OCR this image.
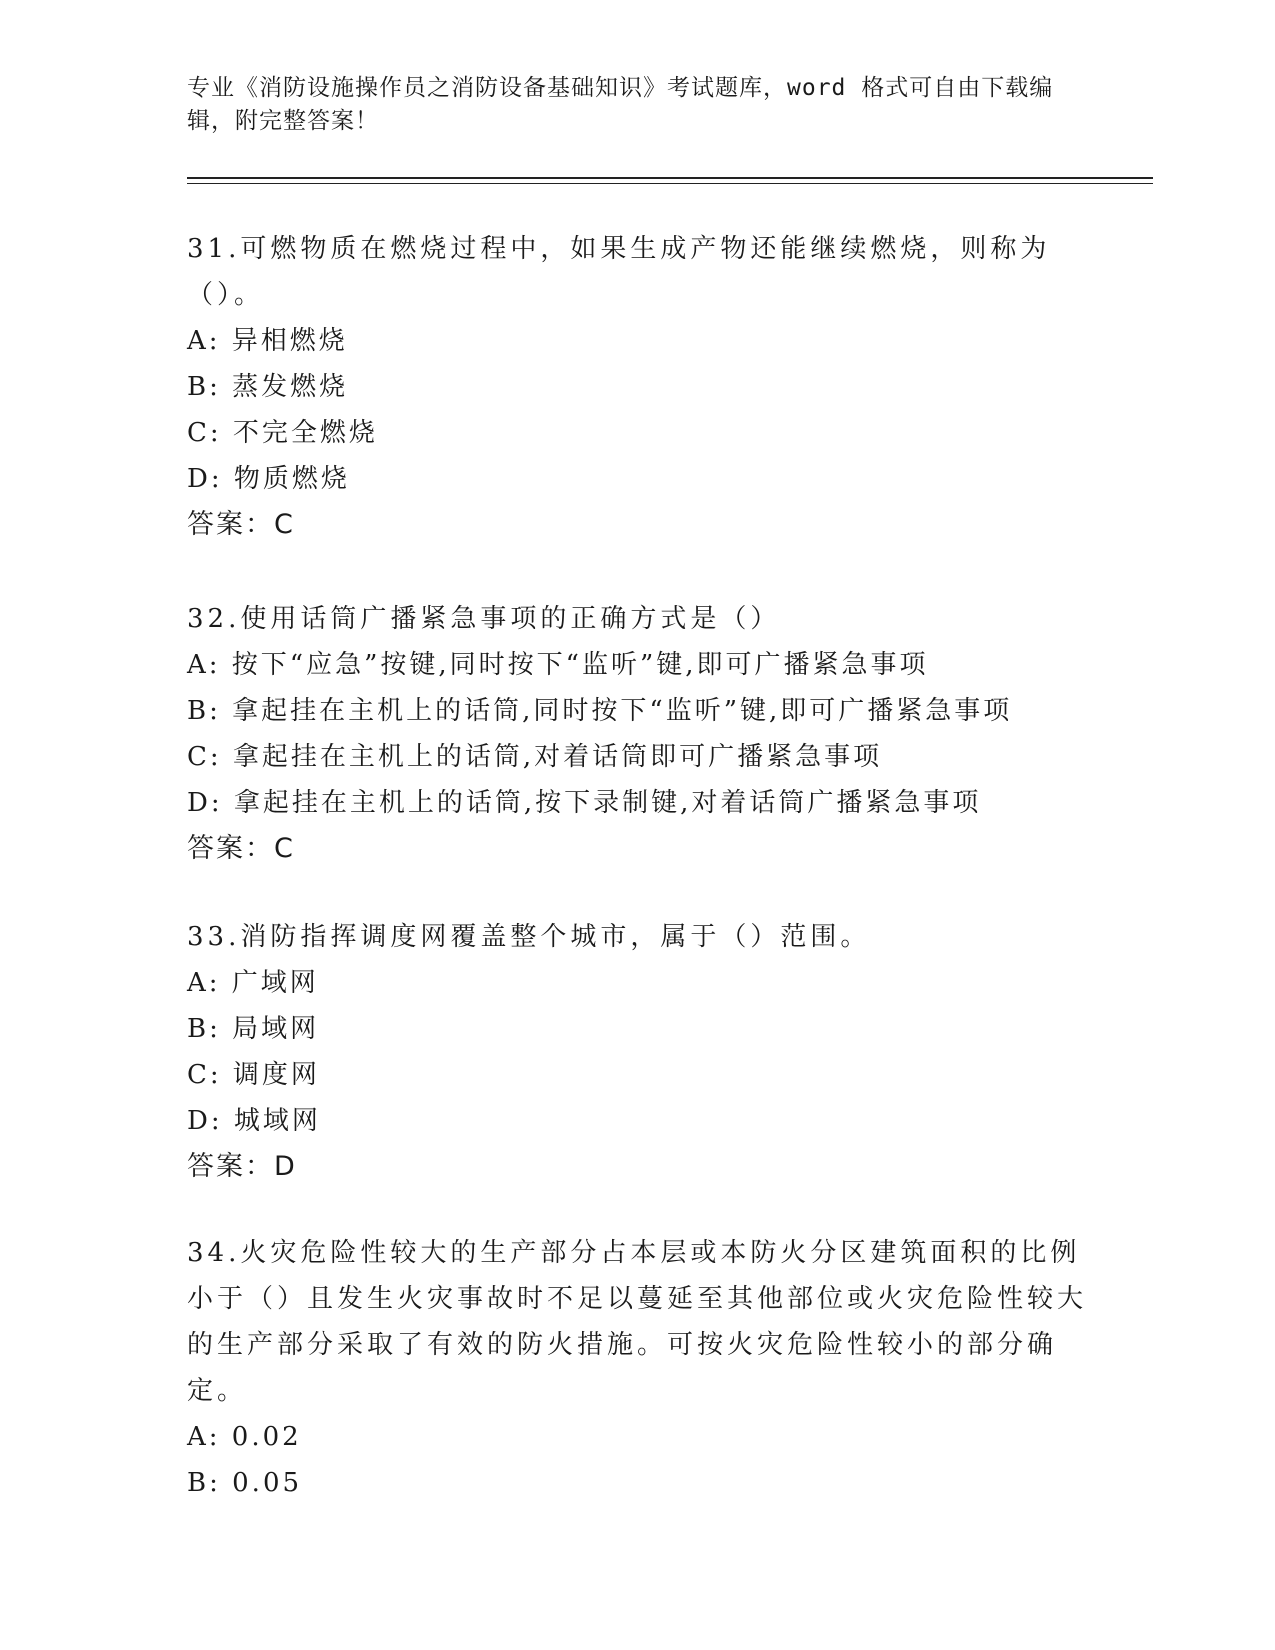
专业《消防设施操作员之消防设备基础知识》考试题库，word 格式可自由下载编辑，附完整答案！

31.可燃物质在燃烧过程中，如果生成产物还能继续燃烧，则称为（）。

A: 异相燃烧
B: 蒸发燃烧
C: 不完全燃烧
D: 物质燃烧
答案：C

32.使用话筒广播紧急事项的正确方式是（）

A: 按下“应急”按键,同时按下“监听”键,即可广播紧急事项
B: 拿起挂在主机上的话筒,同时按下“监听”键,即可广播紧急事项
C: 拿起挂在主机上的话筒,对着话筒即可广播紧急事项
D: 拿起挂在主机上的话筒,按下录制键,对着话筒广播紧急事项
答案：C

33.消防指挥调度网覆盖整个城市，属于（）范围。

A: 广域网
B: 局域网
C: 调度网
D: 城域网
答案：D

34.火灾危险性较大的生产部分占本层或本防火分区建筑面积的比例小于（）且发生火灾事故时不足以蔓延至其他部位或火灾危险性较大的生产部分采取了有效的防火措施。可按火灾危险性较小的部分确定。

A: 0.02
B: 0.05
